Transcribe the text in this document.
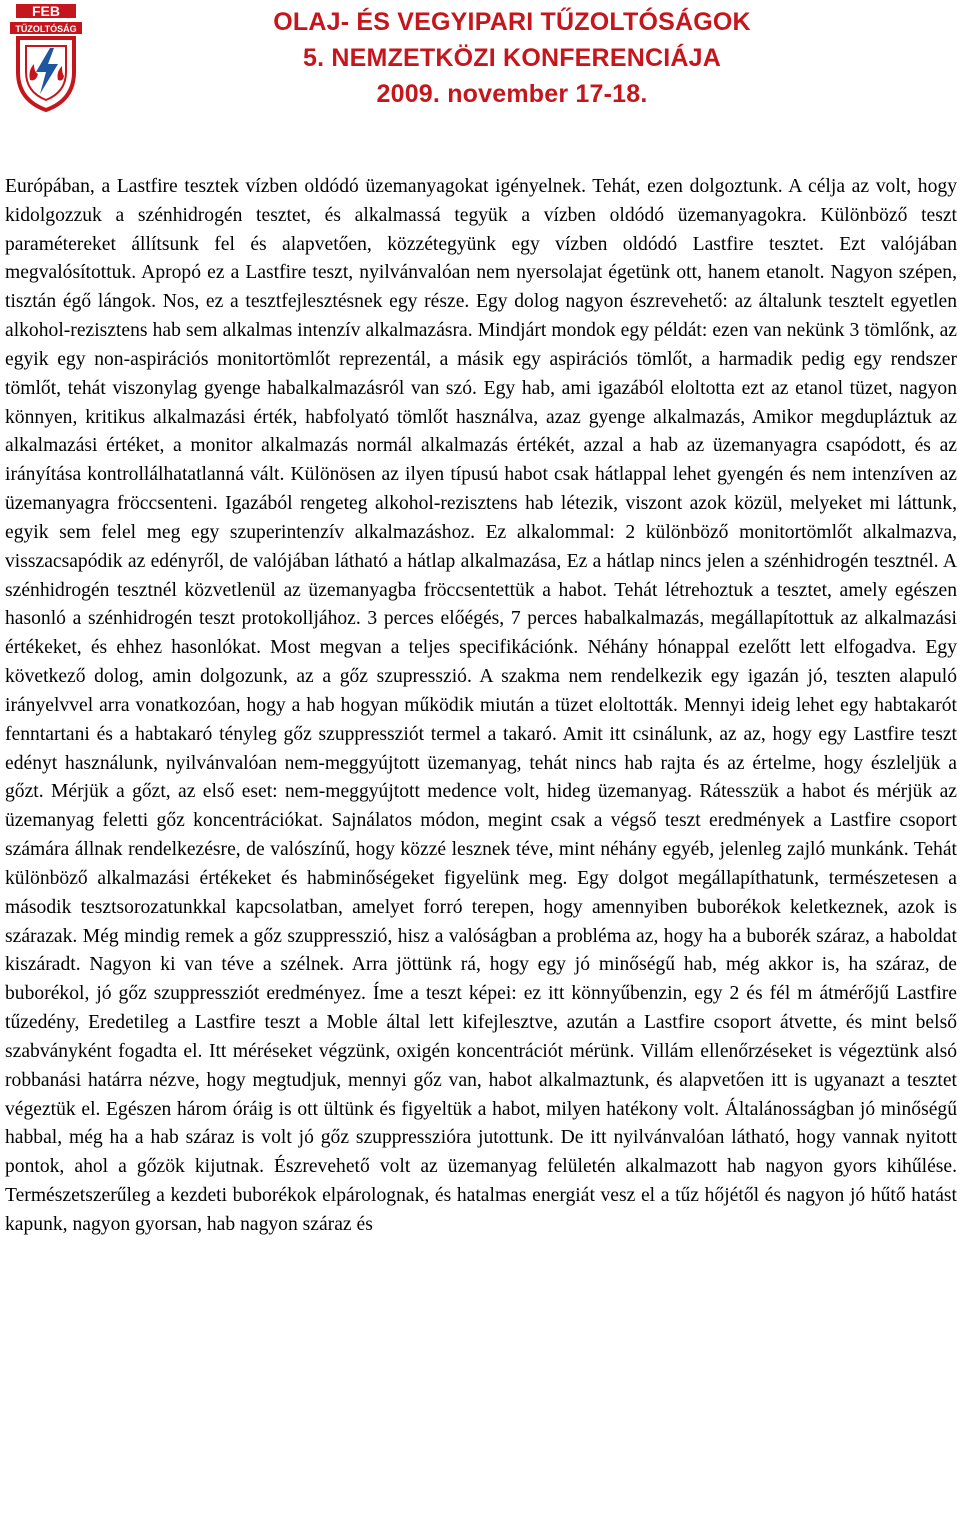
FEB
TŰZOLTÓSÁG	OLAJ- ÉS VEGYIPARI TŰZOLTÓSÁGOK
5. NEMZETKÖZI KONFERENCIÁJA
2009. november 17-18.

Európában, a Lastfire tesztek vízben oldódó üzemanyagokat igényelnek. Tehát, ezen dolgoztunk. A célja az volt, hogy kidolgozzuk a szénhidrogén tesztet, és alkalmassá tegyük a vízben oldódó üzemanyagokra. Különböző teszt paramétereket állítsunk fel és alapvetően, közzétegyünk egy vízben oldódó Lastfire tesztet. Ezt valójában megvalósítottuk. Apropó ez a Lastfire teszt, nyilvánvalóan nem nyersolajat égetünk ott, hanem etanolt. Nagyon szépen, tisztán égő lángok. Nos, ez a tesztfejlesztésnek egy része. Egy dolog nagyon észrevehető: az általunk tesztelt egyetlen alkohol-rezisztens hab sem alkalmas intenzív alkalmazásra. Mindjárt mondok egy példát: ezen van nekünk 3 tömlőnk, az egyik egy non-aspirációs monitortömlőt reprezentál, a másik egy aspirációs tömlőt, a harmadik pedig egy rendszer tömlőt, tehát viszonylag gyenge habalkalmazásról van szó. Egy hab, ami igazából eloltotta ezt az etanol tüzet, nagyon könnyen, kritikus alkalmazási érték, habfolyató tömlőt használva, azaz gyenge alkalmazás, Amikor megdupláztuk az alkalmazási értéket, a monitor alkalmazás normál alkalmazás értékét, azzal a hab az üzemanyagra csapódott, és az irányítása kontrollálhatatlanná vált. Különösen az ilyen típusú habot csak hátlappal lehet gyengén és nem intenzíven az üzemanyagra fröccsenteni. Igazából rengeteg alkohol-rezisztens hab létezik, viszont azok közül, melyeket mi láttunk, egyik sem felel meg egy szuperintenzív alkalmazáshoz. Ez alkalommal: 2 különböző monitortömlőt alkalmazva, visszacsapódik az edényről, de valójában látható a hátlap alkalmazása, Ez a hátlap nincs jelen a szénhidrogén tesztnél. A szénhidrogén tesztnél közvetlenül az üzemanyagba fröccsentettük a habot. Tehát létrehoztuk a tesztet, amely egészen hasonló a szénhidrogén teszt protokolljához. 3 perces előégés, 7 perces habalkalmazás, megállapítottuk az alkalmazási értékeket, és ehhez hasonlókat. Most megvan a teljes specifikációnk. Néhány hónappal ezelőtt lett elfogadva. Egy következő dolog, amin dolgozunk, az a gőz szupresszió. A szakma nem rendelkezik egy igazán jó, teszten alapuló irányelvvel arra vonatkozóan, hogy a hab hogyan működik miután a tüzet eloltották. Mennyi ideig lehet egy habtakarót fenntartani és a habtakaró tényleg gőz szuppressziót termel a takaró. Amit itt csinálunk, az az, hogy egy Lastfire teszt edényt használunk, nyilvánvalóan nem-meggyújtott üzemanyag, tehát nincs hab rajta és az értelme, hogy észleljük a gőzt. Mérjük a gőzt, az első eset: nem-meggyújtott medence volt, hideg üzemanyag. Rátesszük a habot és mérjük az üzemanyag feletti gőz koncentrációkat. Sajnálatos módon, megint csak a végső teszt eredmények a Lastfire csoport számára állnak rendelkezésre, de valószínű, hogy közzé lesznek téve, mint néhány egyéb, jelenleg zajló munkánk. Tehát különböző alkalmazási értékeket és habminőségeket figyelünk meg. Egy dolgot megállapíthatunk, természetesen a második tesztsorozatunkkal kapcsolatban, amelyet forró terepen, hogy amennyiben buborékok keletkeznek, azok is szárazak. Még mindig remek a gőz szuppresszió, hisz a valóságban a probléma az, hogy ha a buborék száraz, a haboldat kiszáradt. Nagyon ki van téve a szélnek. Arra jöttünk rá, hogy egy jó minőségű hab, még akkor is, ha száraz, de buborékol, jó gőz szuppressziót eredményez. Íme a teszt képei: ez itt könnyűbenzin, egy 2 és fél m átmérőjű Lastfire tűzedény, Eredetileg a Lastfire teszt a Moble által lett kifejlesztve, azután a Lastfire csoport átvette, és mint belső szabványként fogadta el. Itt méréseket végzünk, oxigén koncentrációt mérünk. Villám ellenőrzéseket is végeztünk alsó robbanási határra nézve, hogy megtudjuk, mennyi gőz van, habot alkalmaztunk, és alapvetően itt is ugyanazt a tesztet végeztük el. Egészen három óráig is ott ültünk és figyeltük a habot, milyen hatékony volt. Általánosságban jó minőségű habbal, még ha a hab száraz is volt jó gőz szuppresszióra jutottunk. De itt nyilvánvalóan látható, hogy vannak nyitott pontok, ahol a gőzök kijutnak. Észrevehető volt az üzemanyag felületén alkalmazott hab nagyon gyors kihűlése. Természetszerűleg a kezdeti buborékok elpárolognak, és hatalmas energiát vesz el a tűz hőjétől és nagyon jó hűtő hatást kapunk, nagyon gyorsan, hab nagyon száraz és
